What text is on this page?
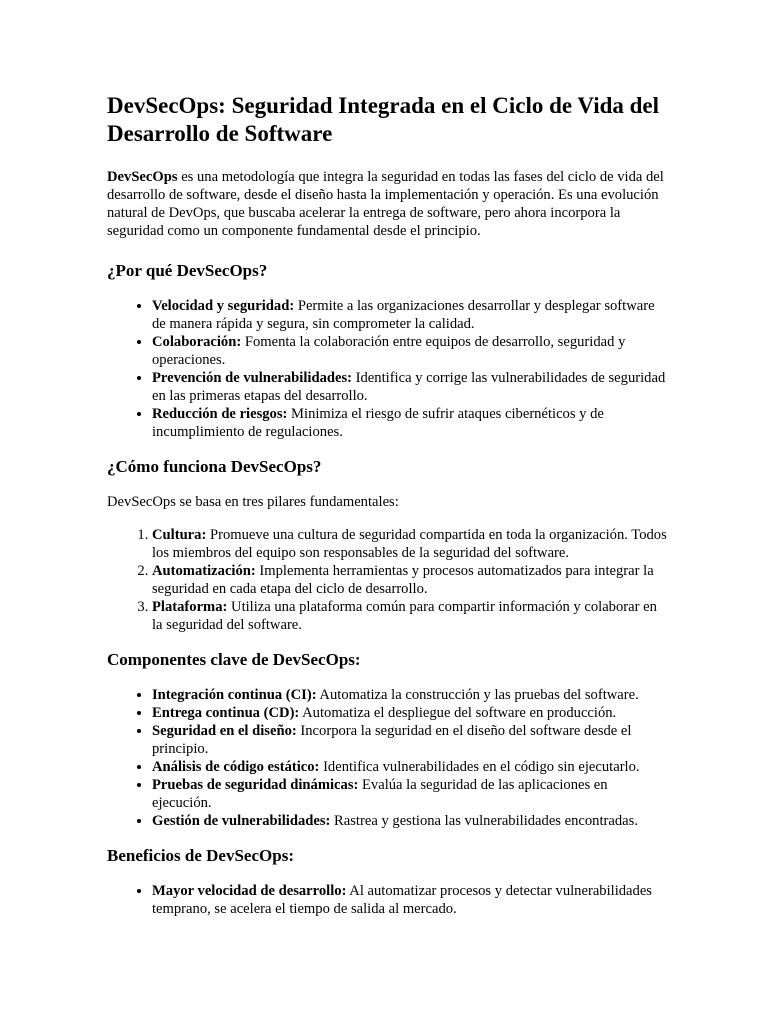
DevSecOps: Seguridad Integrada en el Ciclo de Vida del Desarrollo de Software

DevSecOps es una metodología que integra la seguridad en todas las fases del ciclo de vida del desarrollo de software, desde el diseño hasta la implementación y operación. Es una evolución natural de DevOps, que buscaba acelerar la entrega de software, pero ahora incorpora la seguridad como un componente fundamental desde el principio.

¿Por qué DevSecOps?
• Velocidad y seguridad: Permite a las organizaciones desarrollar y desplegar software de manera rápida y segura, sin comprometer la calidad.
• Colaboración: Fomenta la colaboración entre equipos de desarrollo, seguridad y operaciones.
• Prevención de vulnerabilidades: Identifica y corrige las vulnerabilidades de seguridad en las primeras etapas del desarrollo.
• Reducción de riesgos: Minimiza el riesgo de sufrir ataques cibernéticos y de incumplimiento de regulaciones.
¿Cómo funciona DevSecOps?

DevSecOps se basa en tres pilares fundamentales:

1. Cultura: Promueve una cultura de seguridad compartida en toda la organización. Todos los miembros del equipo son responsables de la seguridad del software.
2. Automatización: Implementa herramientas y procesos automatizados para integrar la seguridad en cada etapa del ciclo de desarrollo.
3. Plataforma: Utiliza una plataforma común para compartir información y colaborar en la seguridad del software.
Componentes clave de DevSecOps:
• Integración continua (CI): Automatiza la construcción y las pruebas del software.
• Entrega continua (CD): Automatiza el despliegue del software en producción.
• Seguridad en el diseño: Incorpora la seguridad en el diseño del software desde el principio.
• Análisis de código estático: Identifica vulnerabilidades en el código sin ejecutarlo.
• Pruebas de seguridad dinámicas: Evalúa la seguridad de las aplicaciones en ejecución.
• Gestión de vulnerabilidades: Rastrea y gestiona las vulnerabilidades encontradas.
Beneficios de DevSecOps:
• Mayor velocidad de desarrollo: Al automatizar procesos y detectar vulnerabilidades temprano, se acelera el tiempo de salida al mercado.
